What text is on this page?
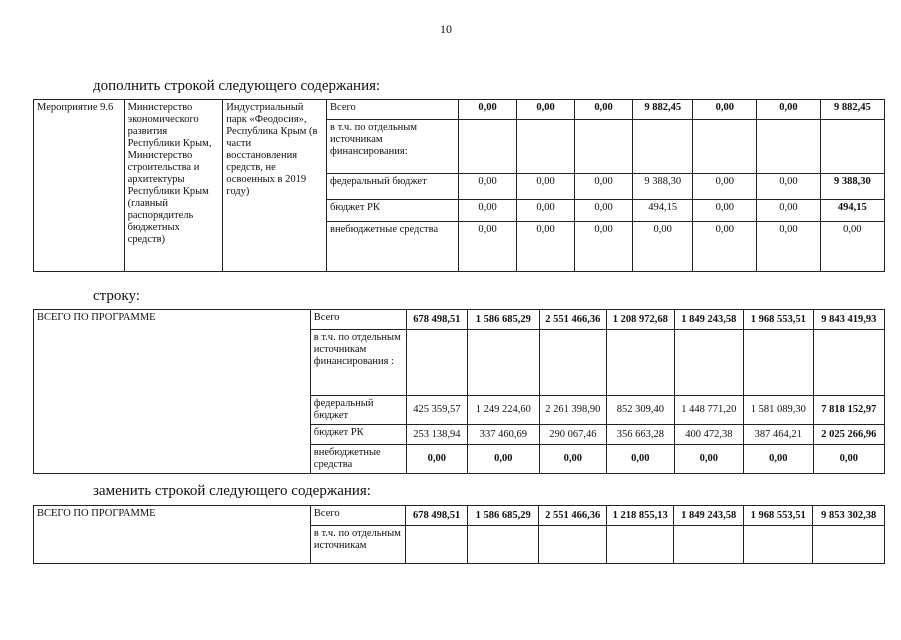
10
дополнить строкой следующего содержания:
Мероприятие 9.6	Министерство экономического развития Республики Крым, Министерство строительства и архитектуры Республики Крым (главный распорядитель бюджетных средств)	Индустриальный парк «Феодосия», Республика Крым (в части восстановления средств, не освоенных в 2019 году)	Всего	0,00	0,00	0,00	9 882,45	0,00	0,00	9 882,45
			в т.ч. по отдельным источникам финансирования:							
			федеральный бюджет	0,00	0,00	0,00	9 388,30	0,00	0,00	9 388,30
			бюджет РК	0,00	0,00	0,00	494,15	0,00	0,00	494,15
			внебюджетные средства	0,00	0,00	0,00	0,00	0,00	0,00	0,00
строку:
ВСЕГО ПО ПРОГРАММЕ	Всего	678 498,51	1 586 685,29	2 551 466,36	1 208 972,68	1 849 243,58	1 968 553,51	9 843 419,93
	в т.ч. по отдельным источникам финансирования :							
	федеральный бюджет	425 359,57	1 249 224,60	2 261 398,90	852 309,40	1 448 771,20	1 581 089,30	7 818 152,97
	бюджет РК	253 138,94	337 460,69	290 067,46	356 663,28	400 472,38	387 464,21	2 025 266,96
	внебюджетные средства	0,00	0,00	0,00	0,00	0,00	0,00	0,00
заменить строкой следующего содержания:
ВСЕГО ПО ПРОГРАММЕ	Всего	678 498,51	1 586 685,29	2 551 466,36	1 218 855,13	1 849 243,58	1 968 553,51	9 853 302,38
	в т.ч. по отдельным источникам							
